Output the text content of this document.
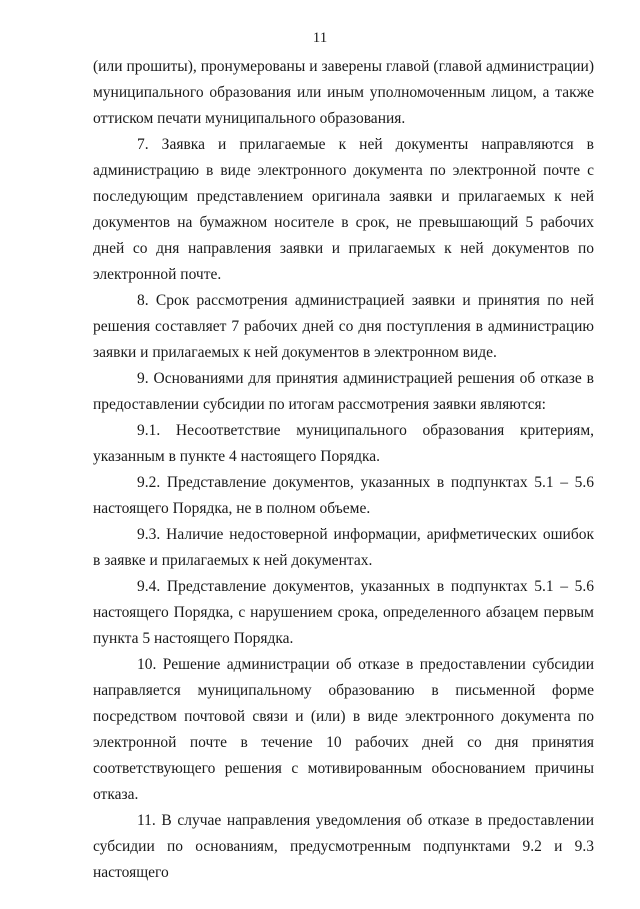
11

(или прошиты), пронумерованы и заверены главой (главой администрации) муниципального образования или иным уполномоченным лицом, а также оттиском печати муниципального образования.

7. Заявка и прилагаемые к ней документы направляются в администрацию в виде электронного документа по электронной почте с последующим представлением оригинала заявки и прилагаемых к ней документов на бумажном носителе в срок, не превышающий 5 рабочих дней со дня направления заявки и прилагаемых к ней документов по электронной почте.

8. Срок рассмотрения администрацией заявки и принятия по ней решения составляет 7 рабочих дней со дня поступления в администрацию заявки и прилагаемых к ней документов в электронном виде.

9. Основаниями для принятия администрацией решения об отказе в предоставлении субсидии по итогам рассмотрения заявки являются:

9.1. Несоответствие муниципального образования критериям, указанным в пункте 4 настоящего Порядка.

9.2. Представление документов, указанных в подпунктах 5.1 – 5.6 настоящего Порядка, не в полном объеме.

9.3. Наличие недостоверной информации, арифметических ошибок в заявке и прилагаемых к ней документах.

9.4. Представление документов, указанных в подпунктах 5.1 – 5.6 настоящего Порядка, с нарушением срока, определенного абзацем первым пункта 5 настоящего Порядка.

10. Решение администрации об отказе в предоставлении субсидии направляется муниципальному образованию в письменной форме посредством почтовой связи и (или) в виде электронного документа по электронной почте в течение 10 рабочих дней со дня принятия соответствующего решения с мотивированным обоснованием причины отказа.

11. В случае направления уведомления об отказе в предоставлении субсидии по основаниям, предусмотренным подпунктами 9.2 и 9.3 настоящего
